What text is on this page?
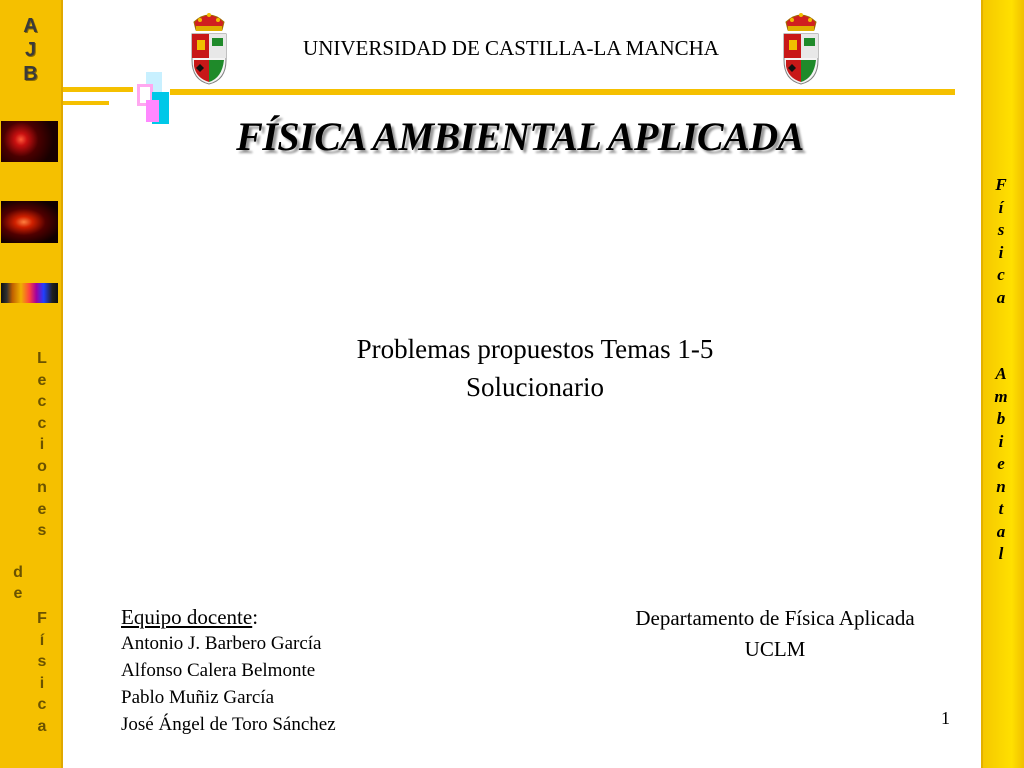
A
J
B
L
e
c
c
i
o
n
e
s
d
e
F
í
s
i
c
a
F
í
s
i
c
a
A
m
b
i
e
n
t
a
l
UNIVERSIDAD DE CASTILLA-LA MANCHA
FÍSICA AMBIENTAL APLICADA
Problemas propuestos Temas 1-5
Solucionario
Equipo docente:
Antonio J. Barbero García
Alfonso Calera Belmonte
Pablo Muñiz García
José Ángel de Toro Sánchez
Departamento de Física Aplicada
UCLM
1
